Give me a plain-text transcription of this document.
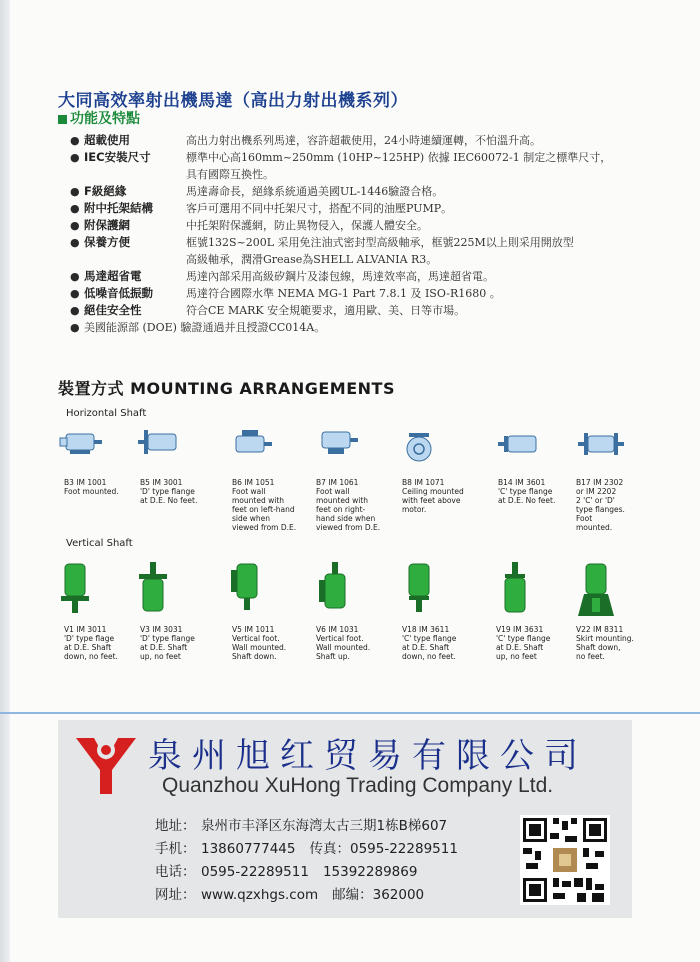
大同高效率射出機馬達（高出力射出機系列）
功能及特點
● 超載使用	高出力射出機系列馬達，容許超載使用，24小時連續運轉，不怕溫升高。
● IEC安裝尺寸	標準中心高160mm~250mm (10HP~125HP) 依據 IEC60072-1 制定之標準尺寸，
具有國際互換性。
● F級絕緣	馬達壽命長，絕緣系統通過美國UL-1446驗證合格。
● 附中托架結構	客戶可選用不同中托架尺寸，搭配不同的油壓PUMP。
● 附保護網	中托架附保護網，防止異物侵入，保護人體安全。
● 保養方便	框號132S~200L 采用免注油式密封型高級軸承，框號225M以上則采用開放型
高級軸承，潤滑Grease為SHELL ALVANIA R3。
● 馬達超省電	馬達內部采用高級矽鋼片及漆包線，馬達效率高，馬達超省電。
● 低噪音低振動	馬達符合國際水準 NEMA MG-1 Part 7.8.1 及 ISO-R1680 。
● 絕佳安全性	符合CE MARK 安全規範要求，適用歐、美、日等市場。
● 美國能源部 (DOE) 驗證通過并且授證CC014A。
裝置方式 MOUNTING ARRANGEMENTS
Horizontal Shaft
Vertical Shaft
B3 IM 1001
Foot mounted.
B5 IM 3001
'D' type flange
at D.E. No feet.
B6 IM 1051
Foot wall
mounted with
feet on left-hand
side when
viewed from D.E.
B7 IM 1061
Foot wall
mounted with
feet on right-
hand side when
viewed from D.E.
B8 IM 1071
Ceiling mounted
with feet above
motor.
B14 IM 3601
'C' type flange
at D.E. No feet.
B17 IM 2302
or IM 2202
2 'C' or 'D'
type flanges.
Foot
mounted.
V1 IM 3011
'D' type flage
at D.E. Shaft
down, no feet.
V3 IM 3031
'D' type flange
at D.E. Shaft
up, no feet
V5 IM 1011
Vertical foot.
Wall mounted.
Shaft down.
V6 IM 1031
Vertical foot.
Wall mounted.
Shaft up.
V18 IM 3611
'C' type flange
at D.E. Shaft
down, no feet.
V19 IM 3631
'C' type flange
at D.E. Shaft
up, no feet
V22 IM 8311
Skirt mounting.
Shaft down,
no feet.
泉州旭红贸易有限公司
Quanzhou XuHong Trading Company Ltd.
地址： 泉州市丰泽区东海湾太古三期1栋B梯607
手机： 13860777445 传真：0595-22289511
电话： 0595-22289511 15392289869
网址： www.qzxhgs.com 邮编：362000
